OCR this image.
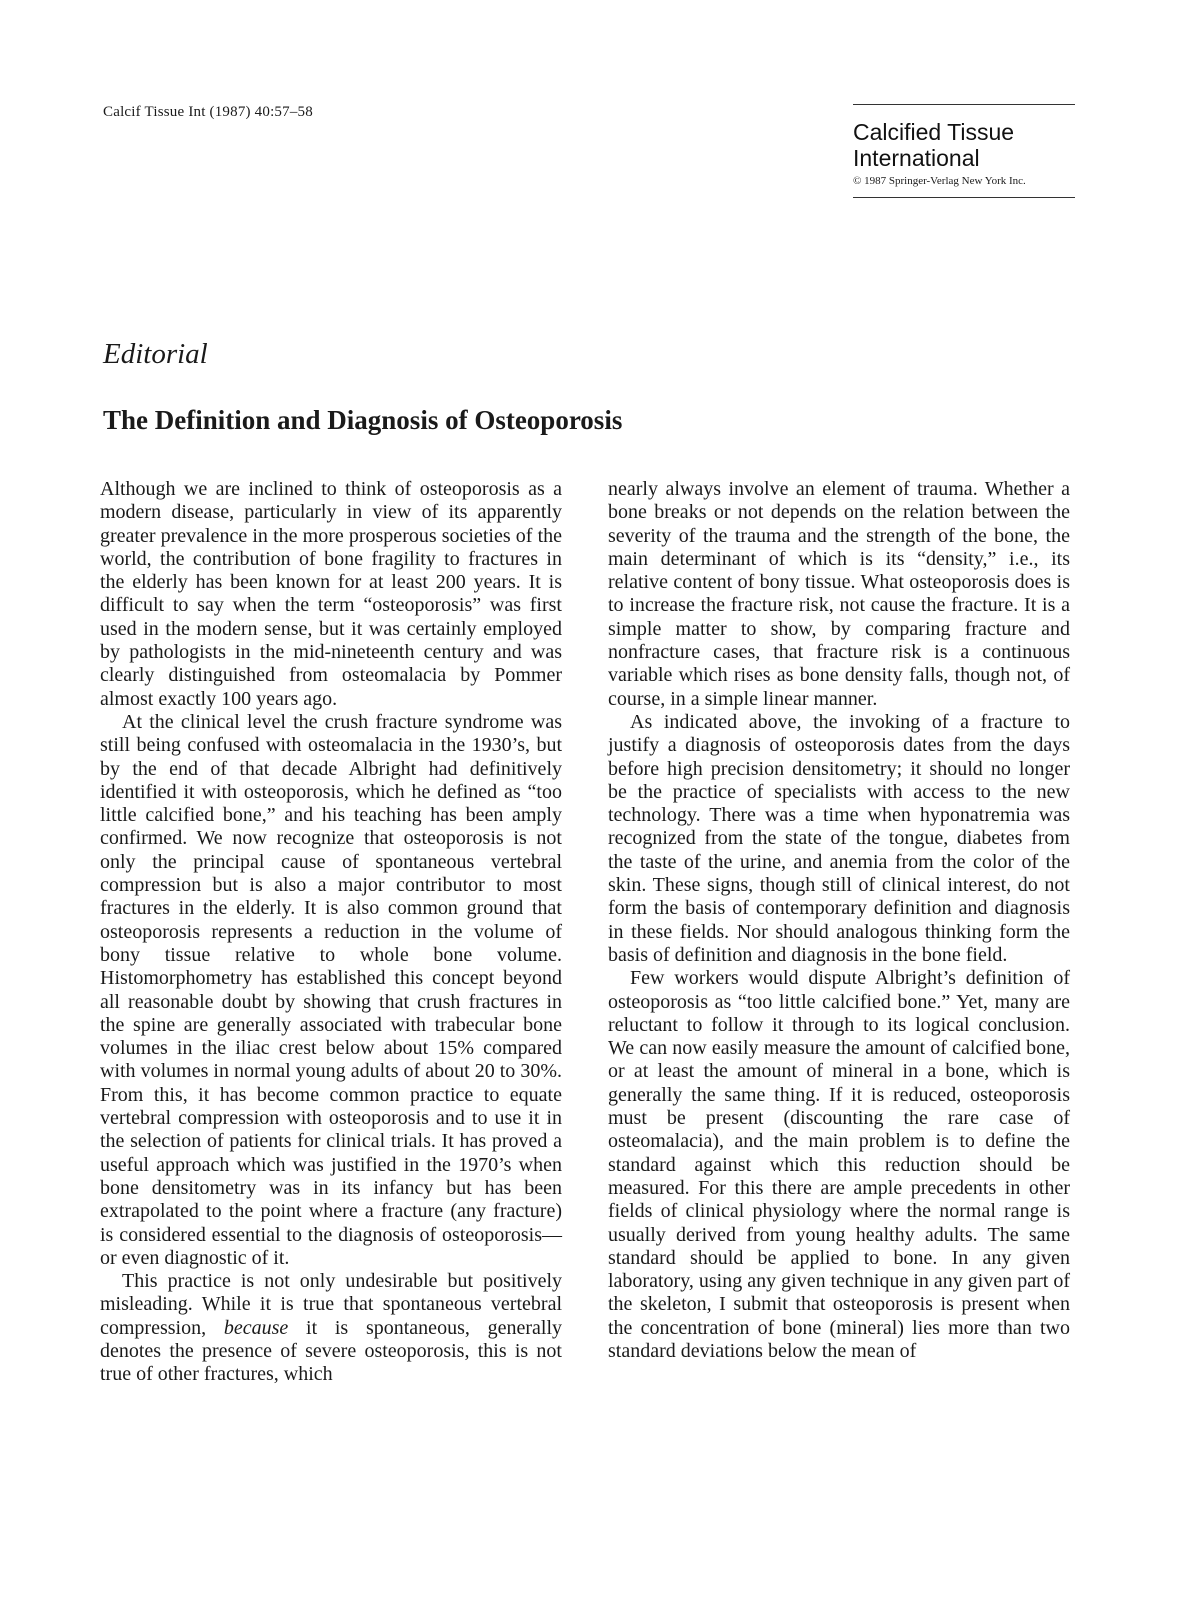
Calcif Tissue Int (1987) 40:57–58
Calcified Tissue
International
© 1987 Springer-Verlag New York Inc.
Editorial
The Definition and Diagnosis of Osteoporosis

Although we are inclined to think of osteoporosis as a modern disease, particularly in view of its apparently greater prevalence in the more prosperous societies of the world, the contribution of bone fragility to fractures in the elderly has been known for at least 200 years. It is difficult to say when the term “osteoporosis” was first used in the modern sense, but it was certainly employed by pathologists in the mid-nineteenth century and was clearly distinguished from osteomalacia by Pommer almost exactly 100 years ago.

At the clinical level the crush fracture syndrome was still being confused with osteomalacia in the 1930’s, but by the end of that decade Albright had definitively identified it with osteoporosis, which he defined as “too little calcified bone,” and his teaching has been amply confirmed. We now recognize that osteoporosis is not only the principal cause of spontaneous vertebral compression but is also a major contributor to most fractures in the elderly. It is also common ground that osteoporosis represents a reduction in the volume of bony tissue relative to whole bone volume. Histomorphometry has established this concept beyond all reasonable doubt by showing that crush fractures in the spine are generally associated with trabecular bone volumes in the iliac crest below about 15% compared with volumes in normal young adults of about 20 to 30%. From this, it has become common practice to equate vertebral compression with osteoporosis and to use it in the selection of patients for clinical trials. It has proved a useful approach which was justified in the 1970’s when bone densitometry was in its infancy but has been extrapolated to the point where a fracture (any fracture) is considered essential to the diagnosis of osteoporosis—or even diagnostic of it.

This practice is not only undesirable but positively misleading. While it is true that spontaneous vertebral compression, because it is spontaneous, generally denotes the presence of severe osteoporosis, this is not true of other fractures, which

nearly always involve an element of trauma. Whether a bone breaks or not depends on the relation between the severity of the trauma and the strength of the bone, the main determinant of which is its “density,” i.e., its relative content of bony tissue. What osteoporosis does is to increase the fracture risk, not cause the fracture. It is a simple matter to show, by comparing fracture and nonfracture cases, that fracture risk is a continuous variable which rises as bone density falls, though not, of course, in a simple linear manner.

As indicated above, the invoking of a fracture to justify a diagnosis of osteoporosis dates from the days before high precision densitometry; it should no longer be the practice of specialists with access to the new technology. There was a time when hyponatremia was recognized from the state of the tongue, diabetes from the taste of the urine, and anemia from the color of the skin. These signs, though still of clinical interest, do not form the basis of contemporary definition and diagnosis in these fields. Nor should analogous thinking form the basis of definition and diagnosis in the bone field.

Few workers would dispute Albright’s definition of osteoporosis as “too little calcified bone.” Yet, many are reluctant to follow it through to its logical conclusion. We can now easily measure the amount of calcified bone, or at least the amount of mineral in a bone, which is generally the same thing. If it is reduced, osteoporosis must be present (discounting the rare case of osteomalacia), and the main problem is to define the standard against which this reduction should be measured. For this there are ample precedents in other fields of clinical physiology where the normal range is usually derived from young healthy adults. The same standard should be applied to bone. In any given laboratory, using any given technique in any given part of the skeleton, I submit that osteoporosis is present when the concentration of bone (mineral) lies more than two standard deviations below the mean of
